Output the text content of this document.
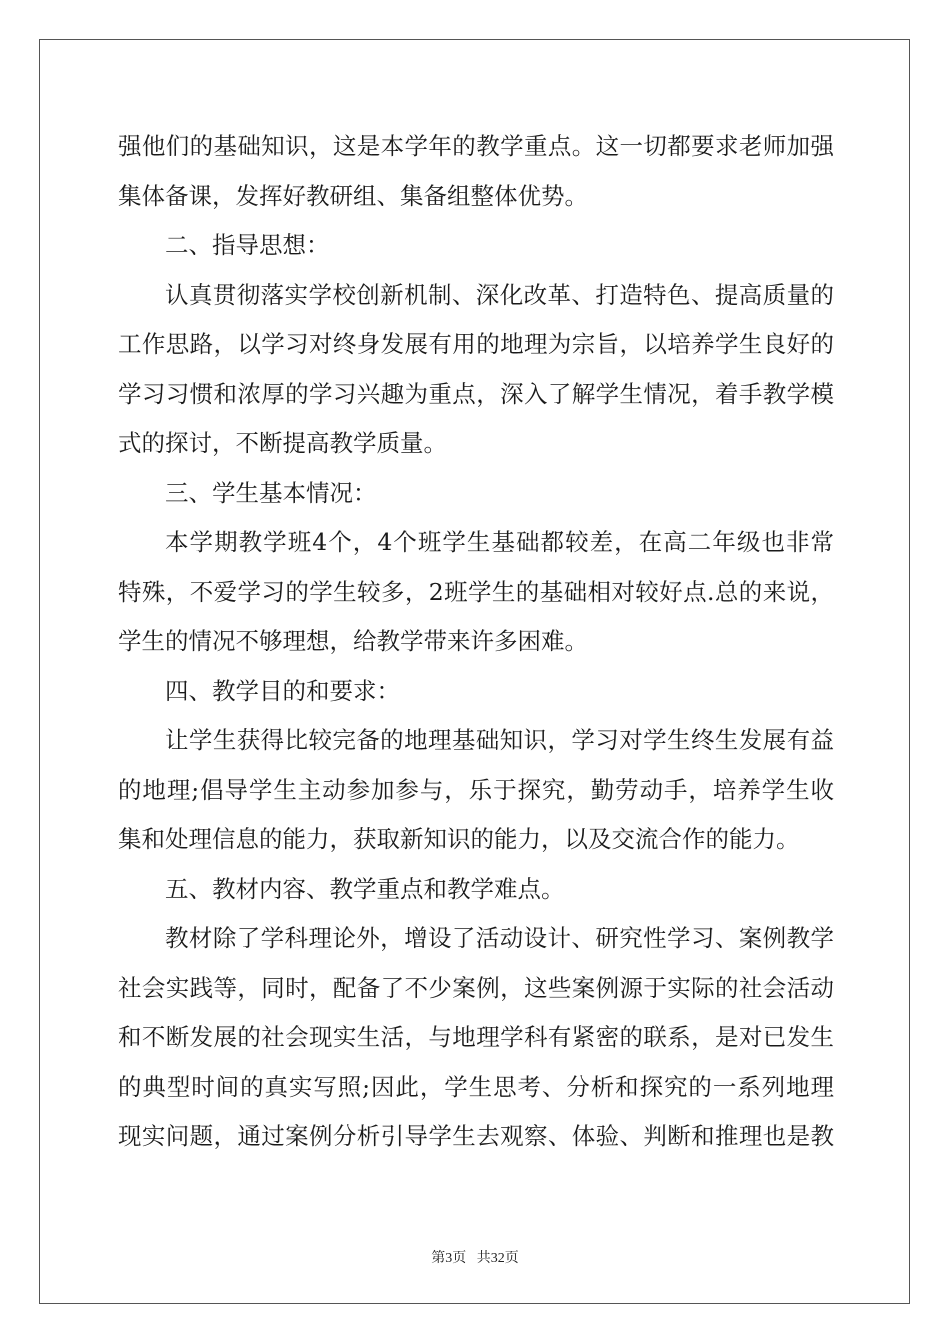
强他们的基础知识，这是本学年的教学重点。这一切都要求老师加强
集体备课，发挥好教研组、集备组整体优势。
二、指导思想：
认真贯彻落实学校创新机制、深化改革、打造特色、提高质量的
工作思路，以学习对终身发展有用的地理为宗旨，以培养学生良好的
学习习惯和浓厚的学习兴趣为重点，深入了解学生情况，着手教学模
式的探讨，不断提高教学质量。
三、学生基本情况：
本学期教学班4个，4个班学生基础都较差，在高二年级也非常
特殊，不爱学习的学生较多，2班学生的基础相对较好点.总的来说，
学生的情况不够理想，给教学带来许多困难。
四、教学目的和要求：
让学生获得比较完备的地理基础知识，学习对学生终生发展有益
的地理;倡导学生主动参加参与，乐于探究，勤劳动手，培养学生收
集和处理信息的能力，获取新知识的能力，以及交流合作的能力。
五、教材内容、教学重点和教学难点。
教材除了学科理论外，增设了活动设计、研究性学习、案例教学
社会实践等，同时，配备了不少案例，这些案例源于实际的社会活动
和不断发展的社会现实生活，与地理学科有紧密的联系，是对已发生
的典型时间的真实写照;因此，学生思考、分析和探究的一系列地理
现实问题，通过案例分析引导学生去观察、体验、判断和推理也是教
第3页 共32页
